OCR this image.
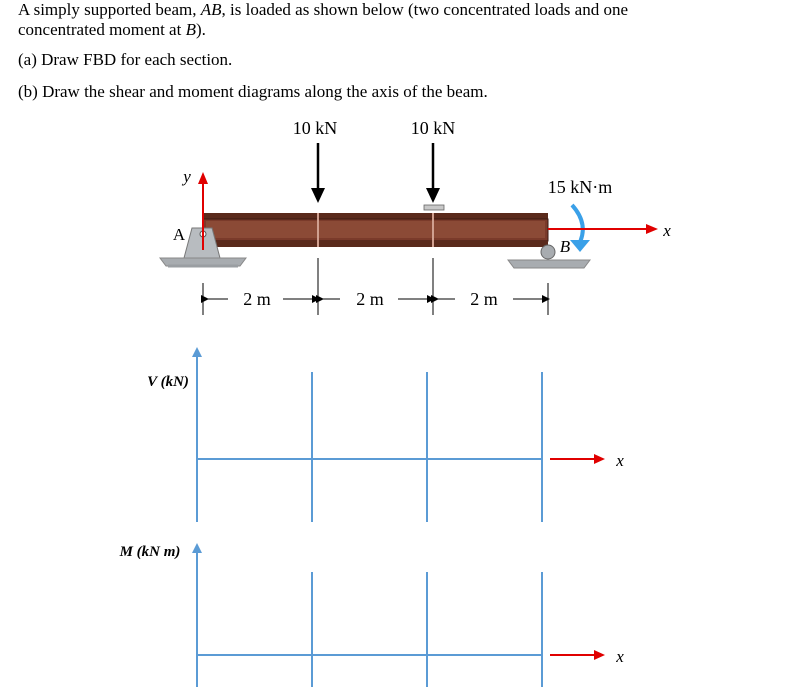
A simply supported beam, AB, is loaded as shown below (two concentrated loads and one

concentrated moment at B).

(a) Draw FBD for each section.

(b) Draw the shear and moment diagrams along the axis of the beam.

10 kN	10 kN
A
y
B
15 kN·m
x
2 m	2 m	2 m
V (kN)
x
M (kN m)
x
